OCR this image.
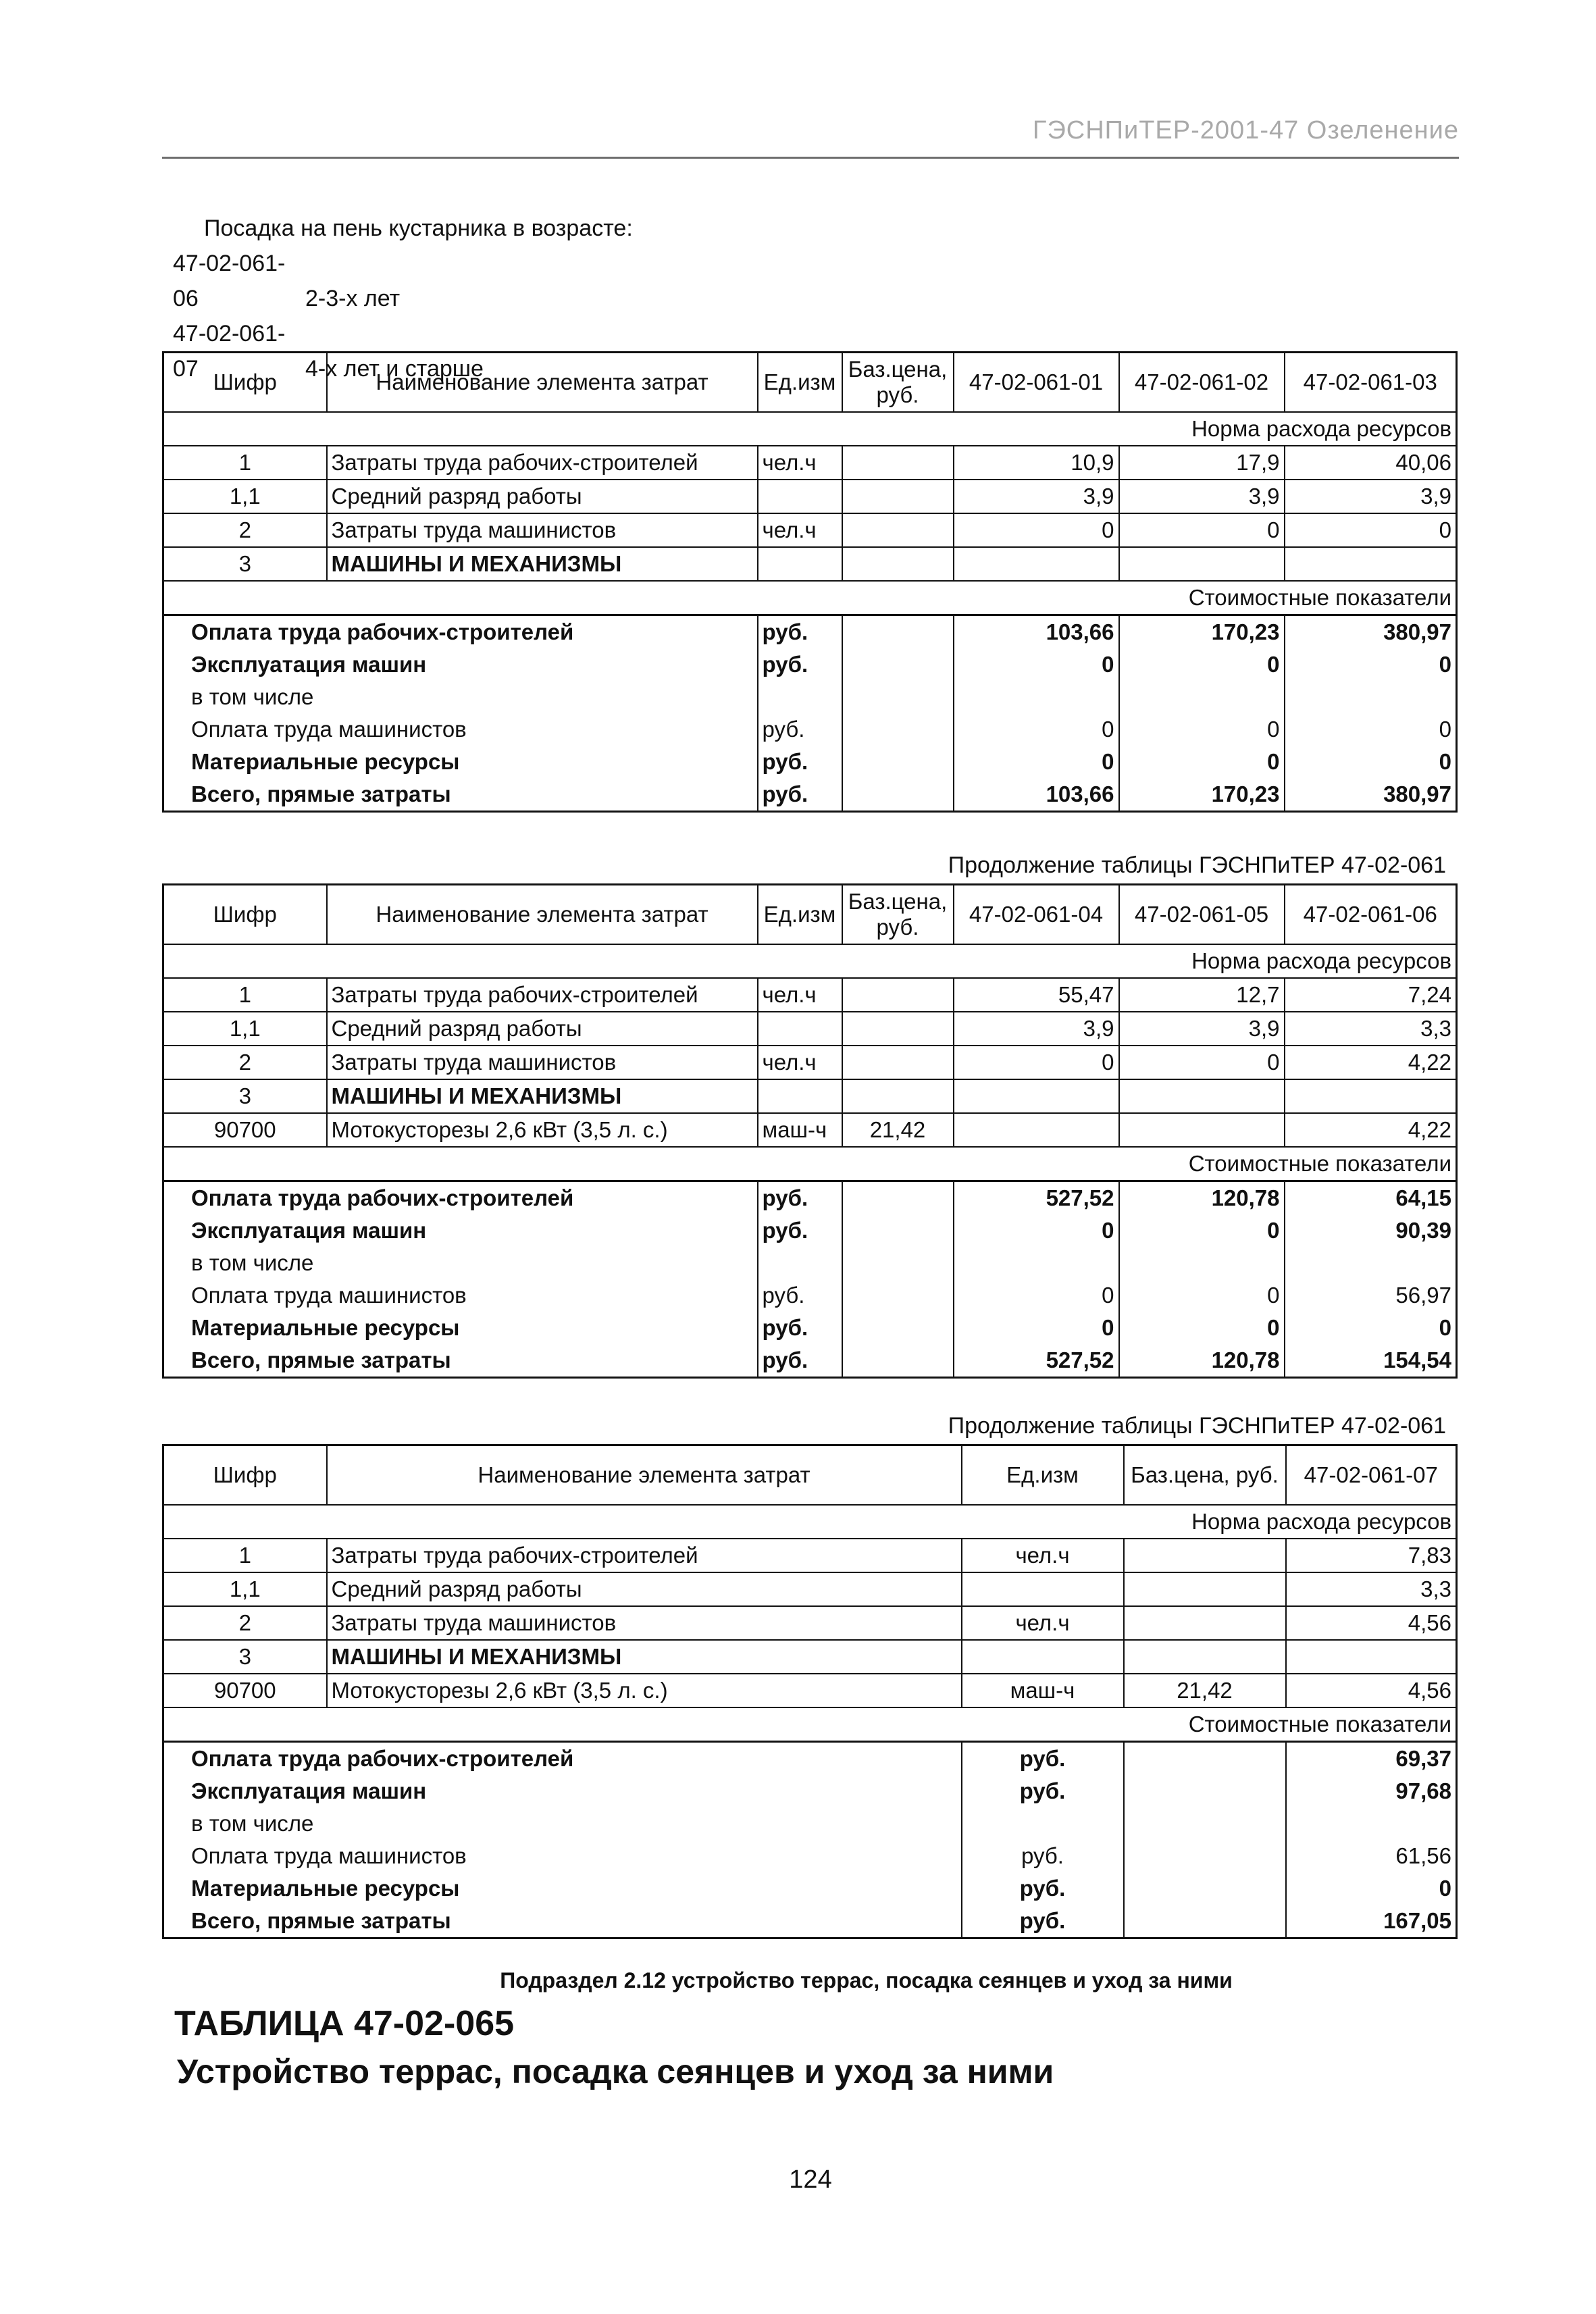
ГЭСНПиТЕР-2001-47 Озеленение
Посадка на пень кустарника в возрасте:
47-02-061-06	2-3-х лет
47-02-061-07	4-х лет и старше
Шифр	Наименование элемента затрат	Ед.изм	Баз.цена, руб.	47-02-061-01	47-02-061-02	47-02-061-03
Норма расхода ресурсов						
1	Затраты труда рабочих-строителей	чел.ч		10,9	17,9	40,06
1,1	Средний разряд работы			3,9	3,9	3,9
2	Затраты труда машинистов	чел.ч		0	0	0
3	МАШИНЫ И МЕХАНИЗМЫ					
Стоимостные показатели						
Оплата труда рабочих-строителей		руб.		103,66	170,23	380,97
Эксплуатация машин		руб.		0	0	0
в том числе						
Оплата труда машинистов		руб.		0	0	0
Материальные ресурсы		руб.		0	0	0
Всего, прямые затраты		руб.		103,66	170,23	380,97
Продолжение таблицы ГЭСНПиТЕР 47-02-061
Шифр	Наименование элемента затрат	Ед.изм	Баз.цена, руб.	47-02-061-04	47-02-061-05	47-02-061-06
Норма расхода ресурсов						
1	Затраты труда рабочих-строителей	чел.ч		55,47	12,7	7,24
1,1	Средний разряд работы			3,9	3,9	3,3
2	Затраты труда машинистов	чел.ч		0	0	4,22
3	МАШИНЫ И МЕХАНИЗМЫ					
90700	Мотокусторезы 2,6 кВт (3,5 л. с.)	маш-ч	21,42			4,22
Стоимостные показатели						
Оплата труда рабочих-строителей		руб.		527,52	120,78	64,15
Эксплуатация машин		руб.		0	0	90,39
в том числе						
Оплата труда машинистов		руб.		0	0	56,97
Материальные ресурсы		руб.		0	0	0
Всего, прямые затраты		руб.		527,52	120,78	154,54
Продолжение таблицы ГЭСНПиТЕР 47-02-061
Шифр	Наименование элемента затрат	Ед.изм	Баз.цена, руб.	47-02-061-07
Норма расхода ресурсов				
1	Затраты труда рабочих-строителей	чел.ч		7,83
1,1	Средний разряд работы			3,3
2	Затраты труда машинистов	чел.ч		4,56
3	МАШИНЫ И МЕХАНИЗМЫ			
90700	Мотокусторезы 2,6 кВт (3,5 л. с.)	маш-ч	21,42	4,56
Стоимостные показатели				
Оплата труда рабочих-строителей		руб.		69,37
Эксплуатация машин		руб.		97,68
в том числе				
Оплата труда машинистов		руб.		61,56
Материальные ресурсы		руб.		0
Всего, прямые затраты		руб.		167,05
Подраздел 2.12 устройство террас, посадка сеянцев и уход за ними
ТАБЛИЦА 47-02-065
Устройство террас, посадка сеянцев и уход за ними
124
